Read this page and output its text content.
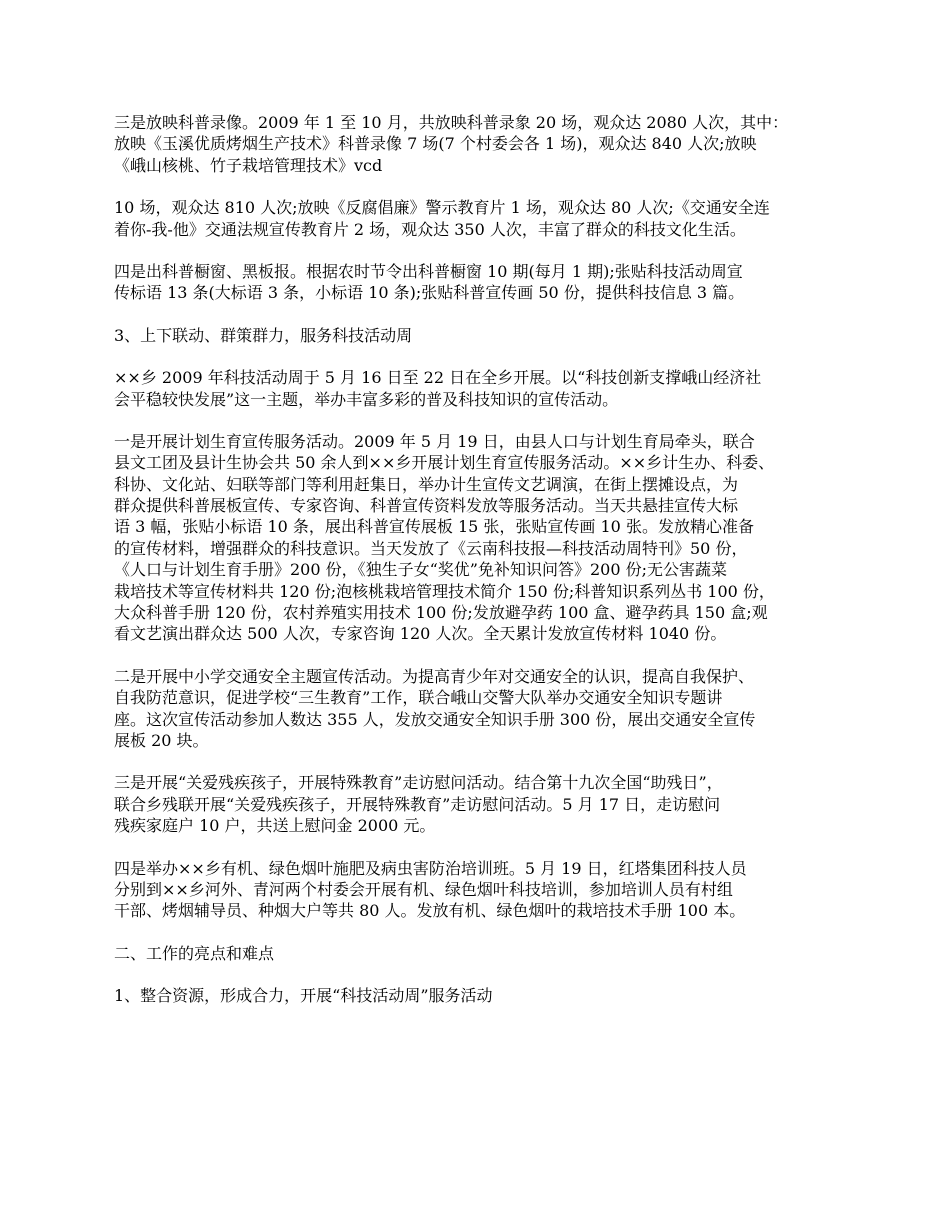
三是放映科普录像。2009 年 1 至 10 月，共放映科普录象 20 场，观众达 2080 人次，其中：
放映《玉溪优质烤烟生产技术》科普录像 7 场(7 个村委会各 1 场)，观众达 840 人次;放映
《峨山核桃、竹子栽培管理技术》vcd

10 场，观众达 810 人次;放映《反腐倡廉》警示教育片 1 场，观众达 80 人次;《交通安全连
着你-我-他》交通法规宣传教育片 2 场，观众达 350 人次，丰富了群众的科技文化生活。

四是出科普橱窗、黑板报。根据农时节令出科普橱窗 10 期(每月 1 期);张贴科技活动周宣
传标语 13 条(大标语 3 条，小标语 10 条);张贴科普宣传画 50 份，提供科技信息 3 篇。

3、上下联动、群策群力，服务科技活动周

××乡 2009 年科技活动周于 5 月 16 日至 22 日在全乡开展。以“科技创新支撑峨山经济社
会平稳较快发展”这一主题，举办丰富多彩的普及科技知识的宣传活动。

一是开展计划生育宣传服务活动。2009 年 5 月 19 日，由县人口与计划生育局牵头，联合
县文工团及县计生协会共 50 余人到××乡开展计划生育宣传服务活动。××乡计生办、科委、
科协、文化站、妇联等部门等利用赶集日，举办计生宣传文艺调演，在街上摆摊设点，为
群众提供科普展板宣传、专家咨询、科普宣传资料发放等服务活动。当天共悬挂宣传大标
语 3 幅，张贴小标语 10 条，展出科普宣传展板 15 张，张贴宣传画 10 张。发放精心准备
的宣传材料，增强群众的科技意识。当天发放了《云南科技报—科技活动周特刊》50 份，
《人口与计划生育手册》200 份，《独生子女“奖优”免补知识问答》200 份;无公害蔬菜
栽培技术等宣传材料共 120 份;泡核桃栽培管理技术简介 150 份;科普知识系列丛书 100 份，
大众科普手册 120 份，农村养殖实用技术 100 份;发放避孕药 100 盒、避孕药具 150 盒;观
看文艺演出群众达 500 人次，专家咨询 120 人次。全天累计发放宣传材料 1040 份。

二是开展中小学交通安全主题宣传活动。为提高青少年对交通安全的认识，提高自我保护、
自我防范意识，促进学校“三生教育”工作，联合峨山交警大队举办交通安全知识专题讲
座。这次宣传活动参加人数达 355 人，发放交通安全知识手册 300 份，展出交通安全宣传
展板 20 块。

三是开展“关爱残疾孩子，开展特殊教育”走访慰问活动。结合第十九次全国“助残日”，
联合乡残联开展“关爱残疾孩子，开展特殊教育”走访慰问活动。5 月 17 日，走访慰问
残疾家庭户 10 户，共送上慰问金 2000 元。

四是举办××乡有机、绿色烟叶施肥及病虫害防治培训班。5 月 19 日，红塔集团科技人员
分别到××乡河外、青河两个村委会开展有机、绿色烟叶科技培训，参加培训人员有村组
干部、烤烟辅导员、种烟大户等共 80 人。发放有机、绿色烟叶的栽培技术手册 100 本。

二、工作的亮点和难点

1、整合资源，形成合力，开展“科技活动周”服务活动
